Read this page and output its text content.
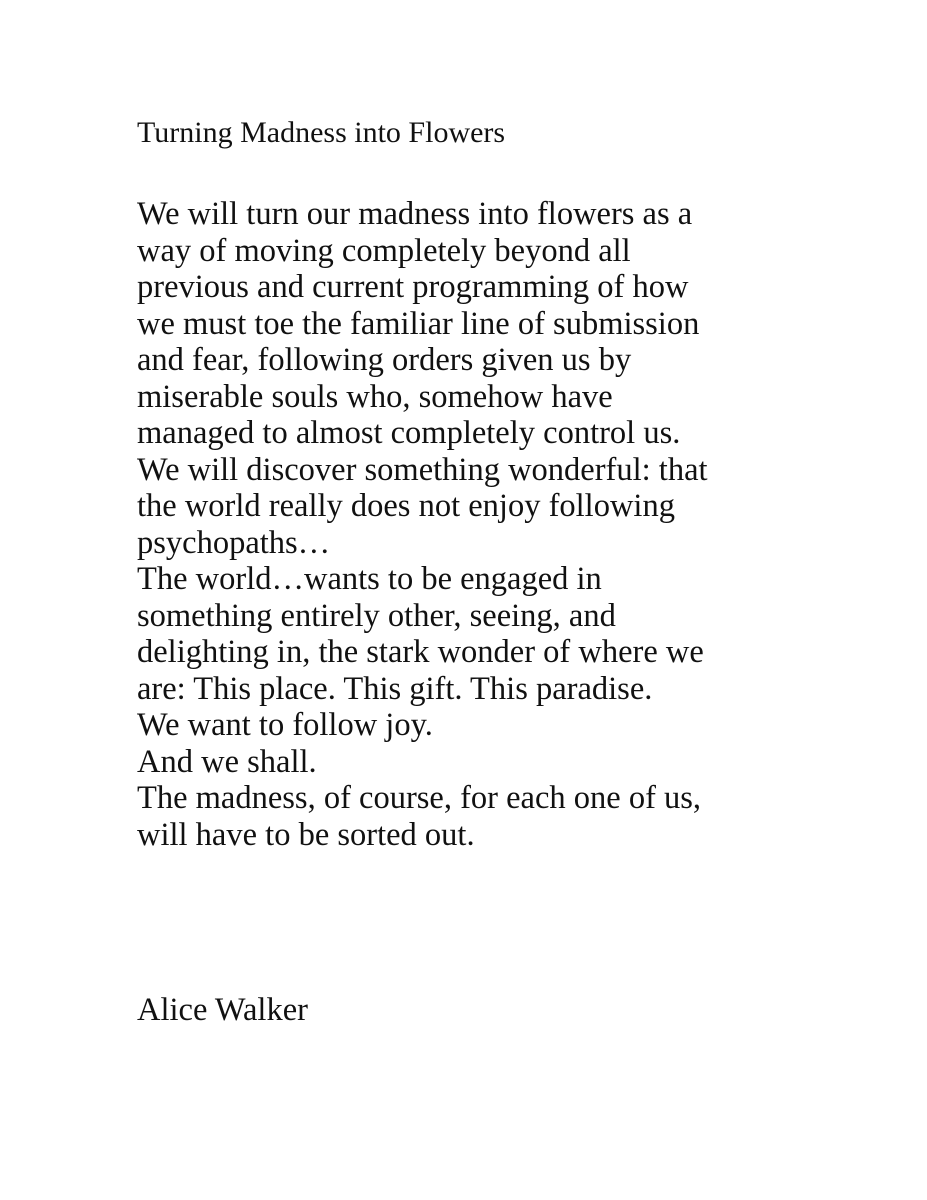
Turning Madness into Flowers
We will turn our madness into flowers as a
way of moving completely beyond all
previous and current programming of how
we must toe the familiar line of submission
and fear, following orders given us by
miserable souls who, somehow have
managed to almost completely control us.
We will discover something wonderful: that
the world really does not enjoy following
psychopaths…
The world…wants to be engaged in
something entirely other, seeing, and
delighting in, the stark wonder of where we
are: This place. This gift. This paradise.
We want to follow joy.
And we shall.
The madness, of course, for each one of us,
will have to be sorted out.

Alice Walker
